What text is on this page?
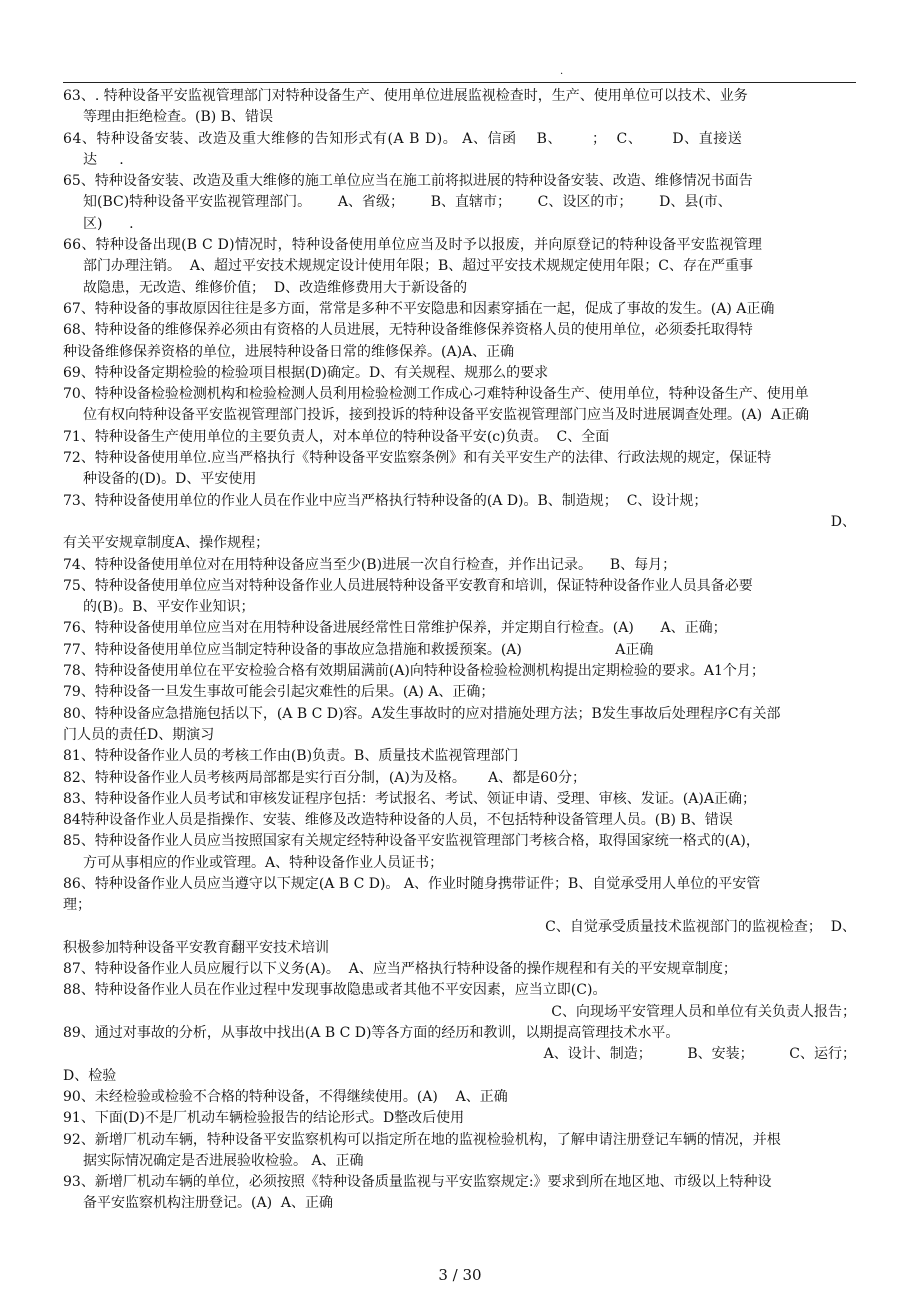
.
63、. 特种设备平安监视管理部门对特种设备生产、使用单位进展监视检查时，生产、使用单位可以技术、业务
等理由拒绝检查。(B) B、错误
64、特种设备安装、改造及重大维修的告知形式有(A B D)。 A、信函    B、      ；  C、      D、直接送
达     .
65、特种设备安装、改造及重大维修的施工单位应当在施工前将拟进展的特种设备安装、改造、维修情况书面告
知(BC)特种设备平安监视管理部门。      A、省级；      B、直辖市；      C、设区的市；      D、县(市、
区)      .
66、特种设备出现(B C D)情况时，特种设备使用单位应当及时予以报废，并向原登记的特种设备平安监视管理
部门办理注销。  A、超过平安技术规规定设计使用年限；B、超过平安技术规规定使用年限；C、存在严重事
故隐患，无改造、维修价值；  D、改造维修费用大于新设备的
67、特种设备的事故原因往往是多方面，常常是多种不平安隐患和因素穿插在一起，促成了事故的发生。(A) A正确
68、特种设备的维修保养必须由有资格的人员进展，无特种设备维修保养资格人员的使用单位，必须委托取得特
种设备维修保养资格的单位，进展特种设备日常的维修保养。(A)A、正确
69、特种设备定期检验的检验项目根据(D)确定。D、有关规程、规那么的要求
70、特种设备检验检测机构和检验检测人员利用检验检测工作成心刁难特种设备生产、使用单位，特种设备生产、使用单
位有权向特种设备平安监视管理部门投诉，接到投诉的特种设备平安监视管理部门应当及时进展调查处理。(A)  A正确
71、特种设备生产使用单位的主要负责人，对本单位的特种设备平安(c)负责。  C、全面
72、特种设备使用单位.应当严格执行《特种设备平安监察条例》和有关平安生产的法律、行政法规的规定，保证特
种设备的(D)。D、平安使用
73、特种设备使用单位的作业人员在作业中应当严格执行特种设备的(A D)。B、制造规；  C、设计规；
D、
有关平安规章制度A、操作规程；
74、特种设备使用单位对在用特种设备应当至少(B)进展一次自行检查，并作出记录。    B、每月；
75、特种设备使用单位应当对特种设备作业人员进展特种设备平安教育和培训，保证特种设备作业人员具备必要
的(B)。B、平安作业知识；
76、特种设备使用单位应当对在用特种设备进展经常性日常维护保养，并定期自行检查。(A)      A、正确；
77、特种设备使用单位应当制定特种设备的事故应急措施和救援预案。(A)                     A正确
78、特种设备使用单位在平安检验合格有效期届满前(A)向特种设备检验检测机构提出定期检验的要求。A1个月；
79、特种设备一旦发生事故可能会引起灾难性的后果。(A) A、正确；
80、特种设备应急措施包括以下，(A B C D)容。A发生事故时的应对措施处理方法；B发生事故后处理程序C有关部
门人员的责任D、期演习
81、特种设备作业人员的考核工作由(B)负责。B、质量技术监视管理部门
82、特种设备作业人员考核两局部都是实行百分制，(A)为及格。     A、都是60分；
83、特种设备作业人员考试和审核发证程序包括：考试报名、考试、领证申请、受理、审核、发证。(A)A正确；
84特种设备作业人员是指操作、安装、维修及改造特种设备的人员，不包括特种设备管理人员。(B) B、错误
85、特种设备作业人员应当按照国家有关规定经特种设备平安监视管理部门考核合格，取得国家统一格式的(A)，
方可从事相应的作业或管理。A、特种设备作业人员证书；
86、特种设备作业人员应当遵守以下规定(A B C D)。 A、作业时随身携带证件；B、自觉承受用人单位的平安管
理；
C、自觉承受质量技术监视部门的监视检查；  D、
积极参加特种设备平安教育翻平安技术培训
87、特种设备作业人员应履行以下义务(A)。  A、应当严格执行特种设备的操作规程和有关的平安规章制度；
88、特种设备作业人员在作业过程中发现事故隐患或者其他不平安因素，应当立即(C)。
C、向现场平安管理人员和单位有关负责人报告；
89、通过对事故的分析，从事故中找出(A B C D)等各方面的经历和教训，以期提高管理技术水平。
A、设计、制造；        B、安装；        C、运行；
D、检验
90、未经检验或检验不合格的特种设备，不得继续使用。(A)    A、正确
91、下面(D)不是厂机动车辆检验报告的结论形式。D整改后使用
92、新增厂机动车辆，特种设备平安监察机构可以指定所在地的监视检验机构，了解申请注册登记车辆的情况，并根
据实际情况确定是否进展验收检验。 A、正确
93、新增厂机动车辆的单位，必须按照《特种设备质量监视与平安监察规定:》要求到所在地区地、市级以上特种设
备平安监察机构注册登记。(A)  A、正确
3 / 30
